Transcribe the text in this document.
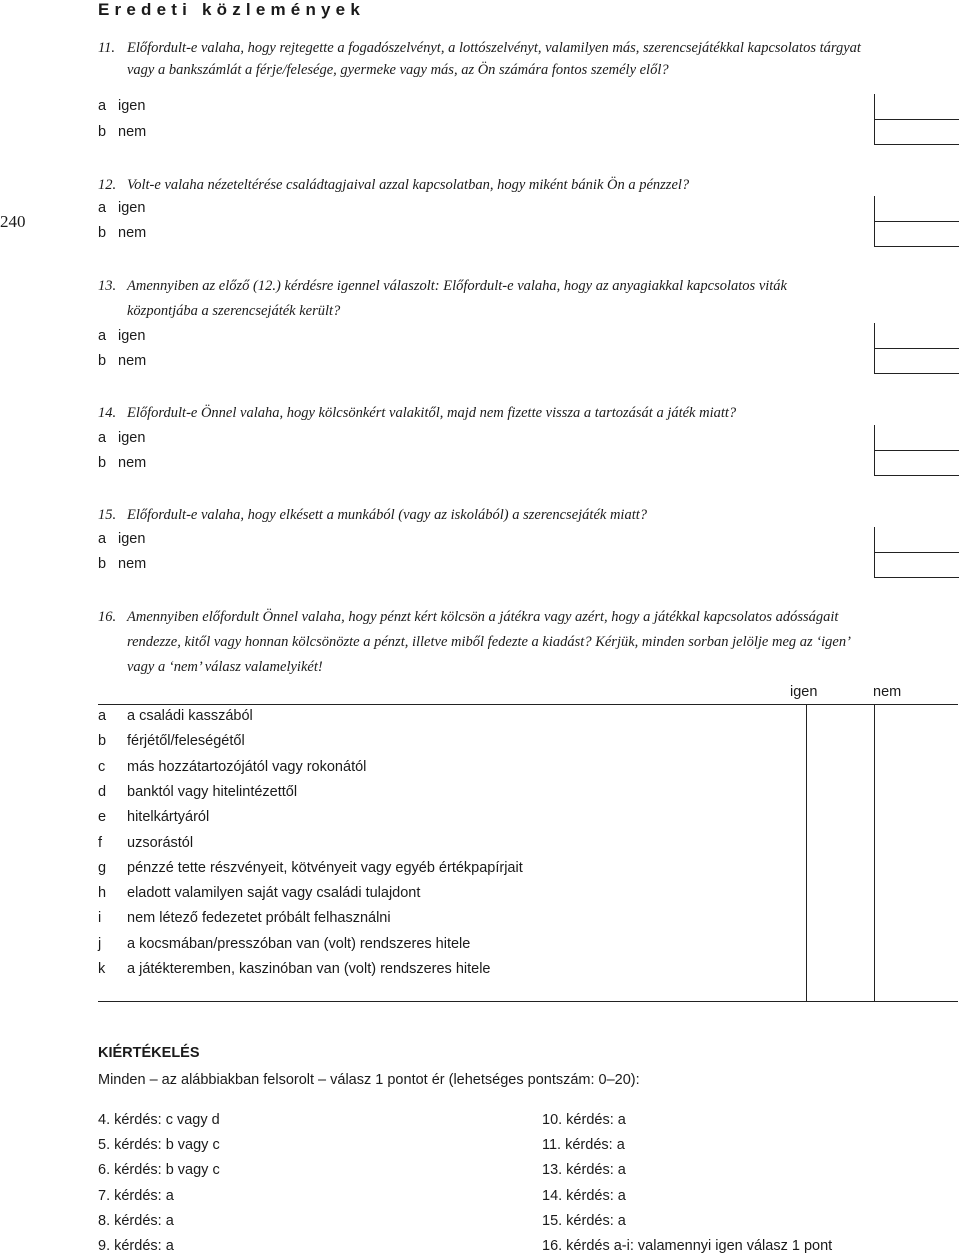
Eredeti közlemények
240
11. Előfordult-e valaha, hogy rejtegette a fogadószelvényt, a lottószelvényt, valamilyen más, szerencsejátékkal kapcsolatos tárgyat
vagy a bankszámlát a férje/felesége, gyermeke vagy más, az Ön számára fontos személy elől?
a igen
b nem
12. Volt-e valaha nézeteltérése családtagjaival azzal kapcsolatban, hogy miként bánik Ön a pénzzel?
a igen
b nem
13. Amennyiben az előző (12.) kérdésre igennel válaszolt: Előfordult-e valaha, hogy az anyagiakkal kapcsolatos viták
központjába a szerencsejáték került?
a igen
b nem
14. Előfordult-e Önnel valaha, hogy kölcsönkért valakitől, majd nem fizette vissza a tartozását a játék miatt?
a igen
b nem
15. Előfordult-e valaha, hogy elkésett a munkából (vagy az iskolából) a szerencsejáték miatt?
a igen
b nem
16. Amennyiben előfordult Önnel valaha, hogy pénzt kért kölcsön a játékra vagy azért, hogy a játékkal kapcsolatos adósságait
rendezze, kitől vagy honnan kölcsönözte a pénzt, illetve miből fedezte a kiadást? Kérjük, minden sorban jelölje meg az ‘igen’
vagy a ‘nem’ válasz valamelyikét!
igen	nem
a a családi kasszából
b férjétől/feleségétől
c más hozzátartozójától vagy rokonától
d banktól vagy hitelintézettől
e hitelkártyáról
f uzsorástól
g pénzzé tette részvényeit, kötvényeit vagy egyéb értékpapírjait
h eladott valamilyen saját vagy családi tulajdont
i nem létező fedezetet próbált felhasználni
j a kocsmában/presszóban van (volt) rendszeres hitele
k a játékteremben, kaszinóban van (volt) rendszeres hitele
KIÉRTÉKELÉS
Minden – az alábbiakban felsorolt – válasz 1 pontot ér (lehetséges pontszám: 0–20):
4. kérdés: c vagy d
5. kérdés: b vagy c
6. kérdés: b vagy c
7. kérdés: a
8. kérdés: a
9. kérdés: a
10. kérdés: a
11. kérdés: a
13. kérdés: a
14. kérdés: a
15. kérdés: a
16. kérdés a-i: valamennyi igen válasz 1 pont
